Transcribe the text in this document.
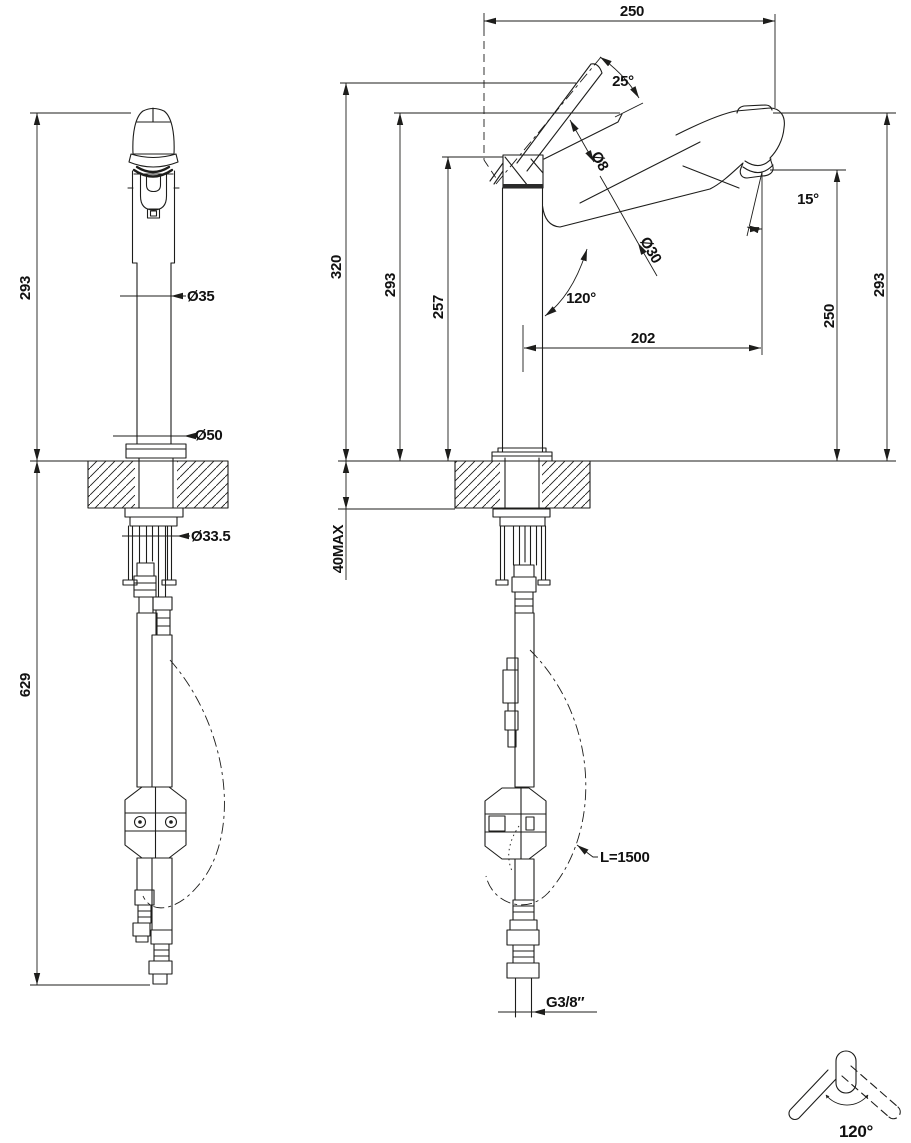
293
629
Ø35
Ø50
Ø33.5
250
25°
Ø8
320
293
257
40MAX
Ø30
120°
202
15°
250
293
L=1500
G3/8″
120°
